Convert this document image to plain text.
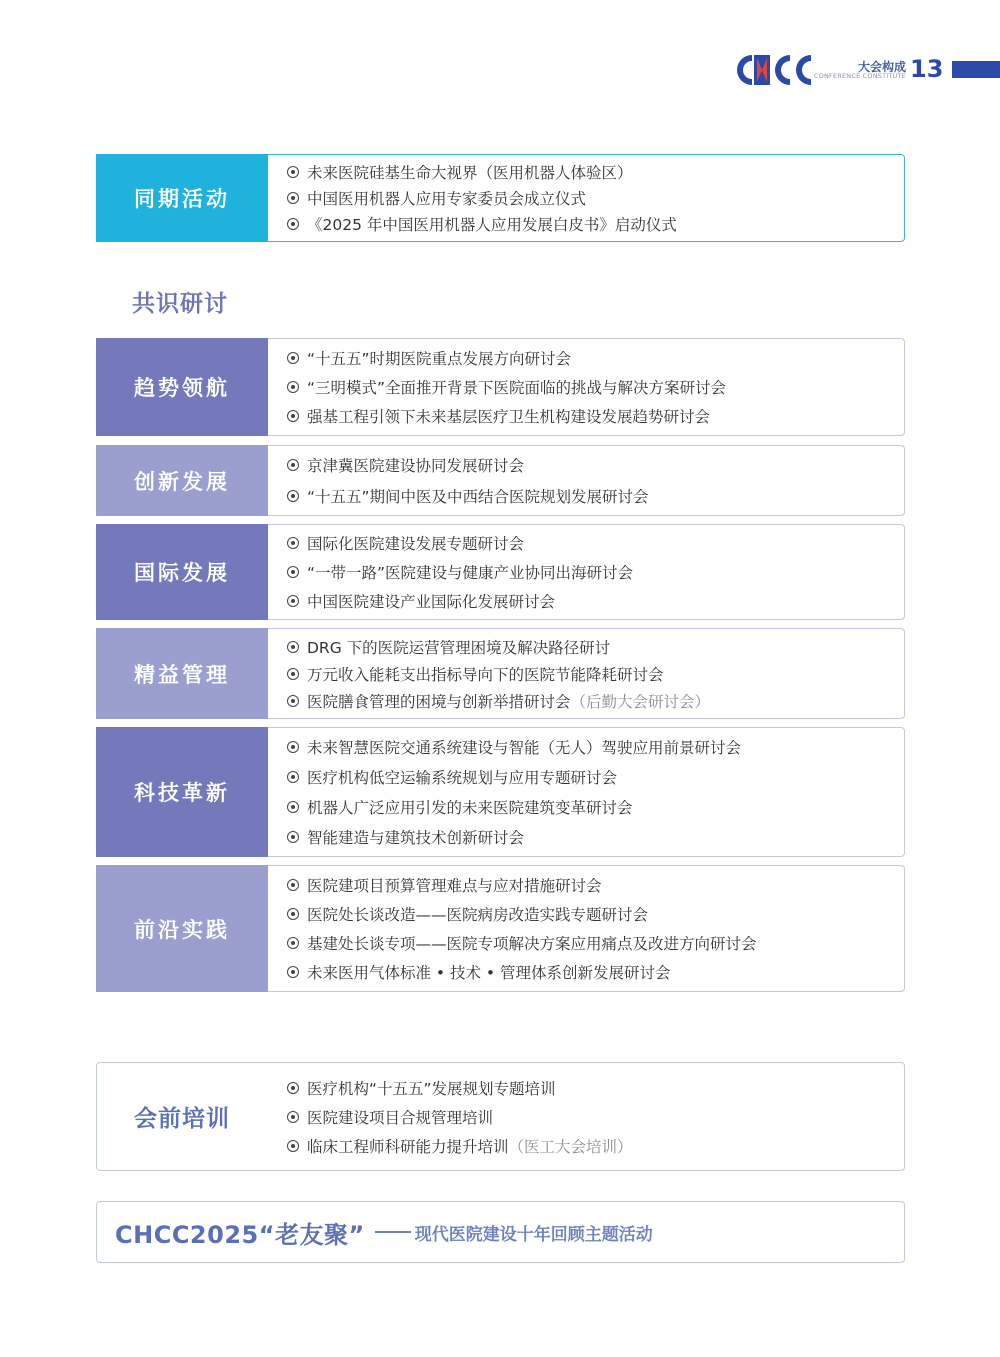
大会构成
CONFERENCE CONSTITUTE 13
同期活动
未来医院硅基生命大视界（医用机器人体验区）
中国医用机器人应用专家委员会成立仪式
《2025 年中国医用机器人应用发展白皮书》启动仪式
共识研讨
趋势领航
“十五五”时期医院重点发展方向研讨会
“三明模式”全面推开背景下医院面临的挑战与解决方案研讨会
强基工程引领下未来基层医疗卫生机构建设发展趋势研讨会
创新发展
京津冀医院建设协同发展研讨会
“十五五”期间中医及中西结合医院规划发展研讨会
国际发展
国际化医院建设发展专题研讨会
“一带一路”医院建设与健康产业协同出海研讨会
中国医院建设产业国际化发展研讨会
精益管理
DRG 下的医院运营管理困境及解决路径研讨
万元收入能耗支出指标导向下的医院节能降耗研讨会
医院膳食管理的困境与创新举措研讨会 （后勤大会研讨会）
科技革新
未来智慧医院交通系统建设与智能（无人）驾驶应用前景研讨会
医疗机构低空运输系统规划与应用专题研讨会
机器人广泛应用引发的未来医院建筑变革研讨会
智能建造与建筑技术创新研讨会
前沿实践
医院建项目预算管理难点与应对措施研讨会
医院处长谈改造——医院病房改造实践专题研讨会
基建处长谈专项——医院专项解决方案应用痛点及改进方向研讨会
未来医用气体标准 • 技术 • 管理体系创新发展研讨会
会前培训
医疗机构“十五五”发展规划专题培训
医院建设项目合规管理培训
临床工程师科研能力提升培训 （医工大会培训）
CHCC2025“老友聚”	现代医院建设十年回顾主题活动
